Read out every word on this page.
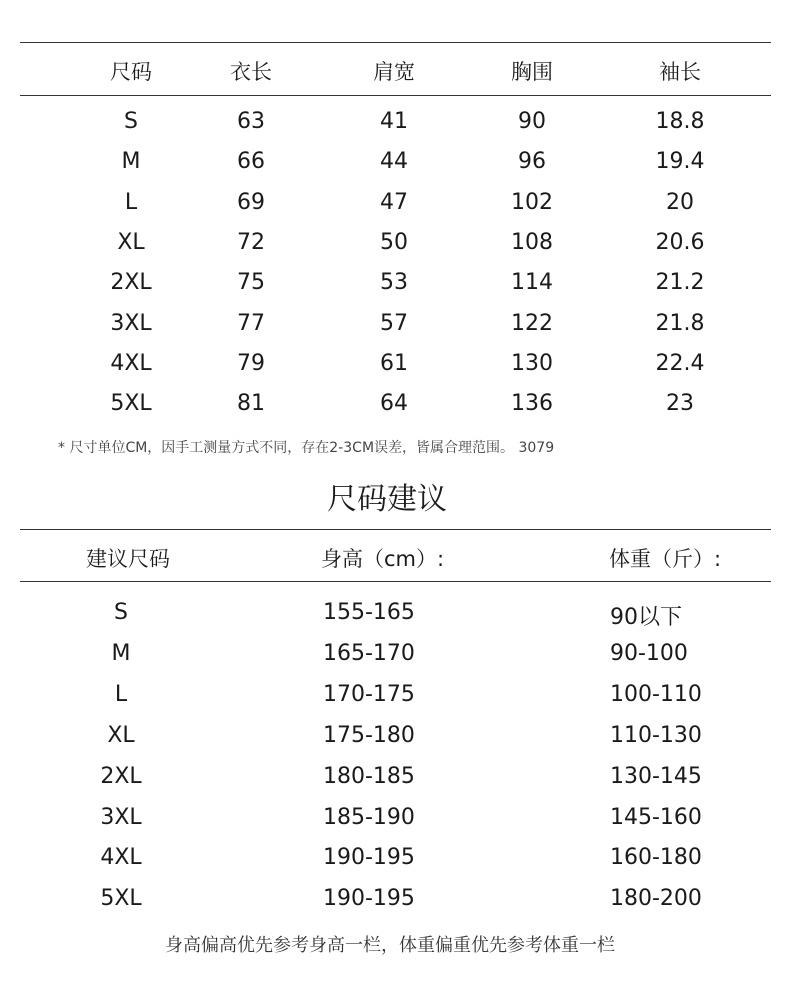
尺码	衣长	肩宽	胸围	袖长
S	63	41	90	18.8
M	66	44	96	19.4
L	69	47	102	20
XL	72	50	108	20.6
2XL	75	53	114	21.2
3XL	77	57	122	21.8
4XL	79	61	130	22.4
5XL	81	64	136	23
* 尺寸单位CM，因手工测量方式不同，存在2-3CM误差，皆属合理范围。 3079
尺码建议
建议尺码	身高（cm）:	体重（斤）:
S	155-165	90以下
M	165-170	90-100
L	170-175	100-110
XL	175-180	110-130
2XL	180-185	130-145
3XL	185-190	145-160
4XL	190-195	160-180
5XL	190-195	180-200
身高偏高优先参考身高一栏，体重偏重优先参考体重一栏
